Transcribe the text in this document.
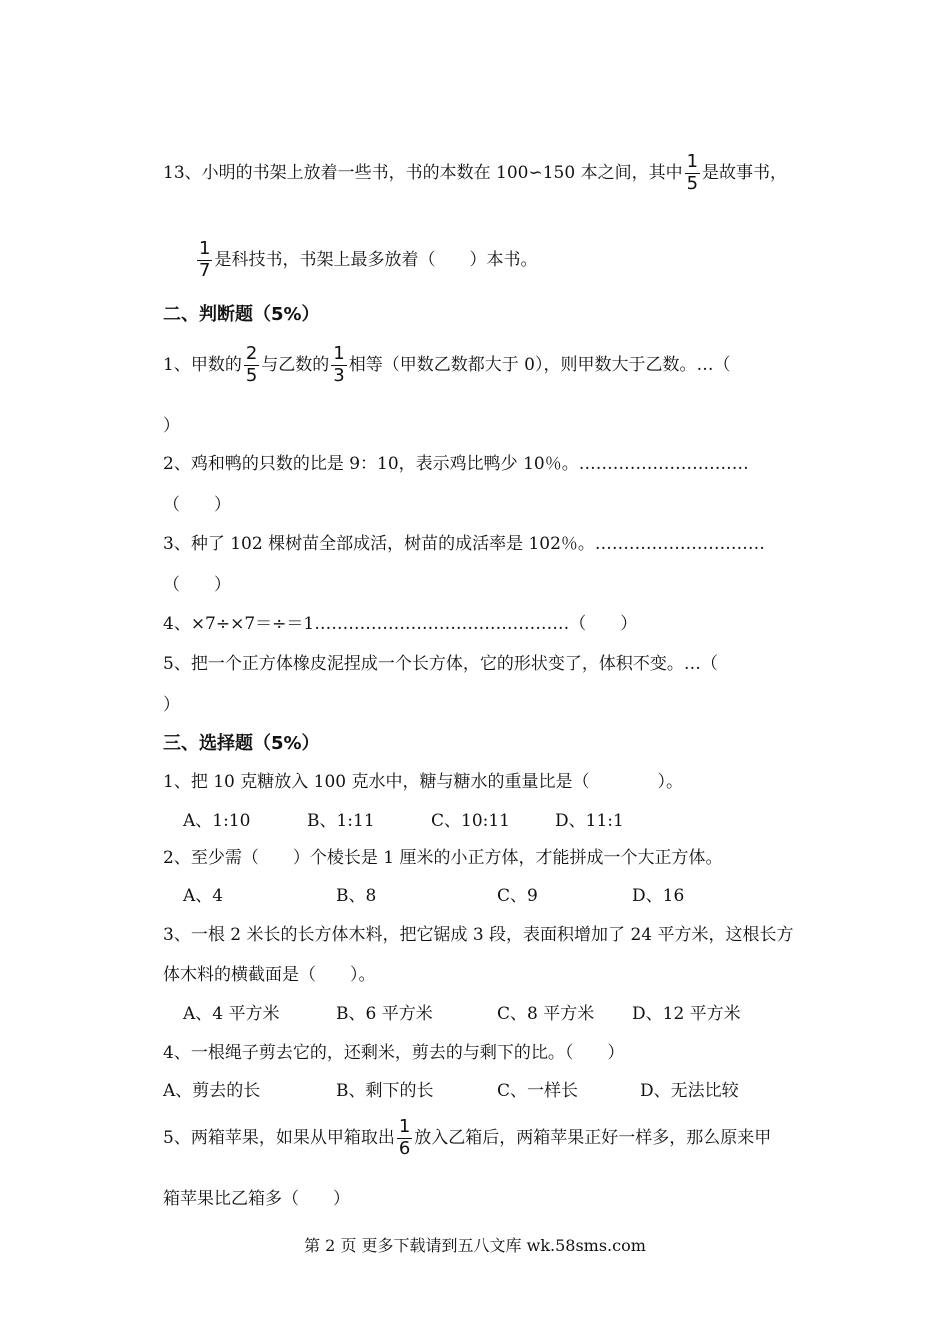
13、小明的书架上放着一些书，书的本数在 100∽150 本之间，其中 $\frac{1}{5}$ 是故事书，
$\frac{1}{7}$ 是科技书，书架上最多放着（　　）本书。
二、判断题（5%）
1、甲数的 $\frac{2}{5}$ 与乙数的 $\frac{1}{3}$ 相等（甲数乙数都大于 0），则甲数大于乙数。…（
）
2、鸡和鸭的只数的比是 9：10，表示鸡比鸭少 10％。…………………………
（　　）
3、种了 102 棵树苗全部成活，树苗的成活率是 102％。…………………………
（　　）
4、×7÷×7＝÷＝1………………………………………（　　）
5、把一个正方体橡皮泥捏成一个长方体，它的形状变了，体积不变。…（
）
三、选择题（5%）
1、把 10 克糖放入 100 克水中，糖与糖水的重量比是（　　　　）。
A、1:10	B、1:11	C、10:11	D、11:1
2、至少需（　　）个棱长是 1 厘米的小正方体，才能拼成一个大正方体。
A、4	B、8	C、9	D、16
3、一根 2 米长的长方体木料，把它锯成 3 段，表面积增加了 24 平方米，这根长方
体木料的横截面是（　　）。
A、4 平方米	B、6 平方米	C、8 平方米 D、12 平方米
4、一根绳子剪去它的，还剩米，剪去的与剩下的比。（　　）
A、剪去的长	B、剩下的长	C、一样长	D、无法比较
5、两箱苹果，如果从甲箱取出 $\frac{1}{6}$ 放入乙箱后，两箱苹果正好一样多，那么原来甲
箱苹果比乙箱多（　　）
第 2 页 更多下载请到五八文库 wk.58sms.com
